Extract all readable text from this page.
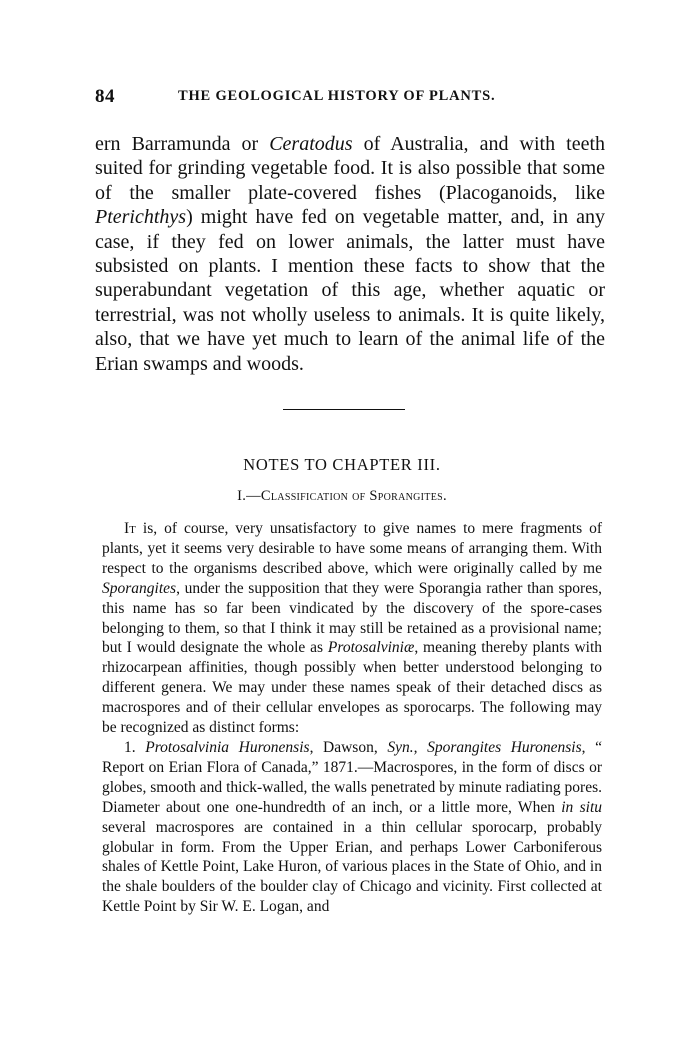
84	THE GEOLOGICAL HISTORY OF PLANTS.
ern Barramunda or Ceratodus of Australia, and with teeth suited for grinding vegetable food. It is also possible that some of the smaller plate-covered fishes (Placoganoids, like Pterichthys) might have fed on vegetable matter, and, in any case, if they fed on lower animals, the latter must have subsisted on plants. I mention these facts to show that the superabundant vegetation of this age, whether aquatic or terrestrial, was not wholly useless to animals. It is quite likely, also, that we have yet much to learn of the animal life of the Erian swamps and woods.
NOTES TO CHAPTER III.
I.—Classification of Sporangites.

It is, of course, very unsatisfactory to give names to mere fragments of plants, yet it seems very desirable to have some means of arranging them. With respect to the organisms described above, which were originally called by me Sporangites, under the supposition that they were Sporangia rather than spores, this name has so far been vindicated by the discovery of the spore-cases belonging to them, so that I think it may still be retained as a provisional name; but I would designate the whole as Protosalviniæ, meaning thereby plants with rhizocarpean affinities, though possibly when better understood belonging to different genera. We may under these names speak of their detached discs as macrospores and of their cellular envelopes as sporocarps. The following may be recognized as distinct forms:

1. Protosalvinia Huronensis, Dawson, Syn., Sporangites Huronensis, “ Report on Erian Flora of Canada,” 1871.—Macrospores, in the form of discs or globes, smooth and thick-walled, the walls penetrated by minute radiating pores. Diameter about one one-hundredth of an inch, or a little more, When in situ several macrospores are contained in a thin cellular sporocarp, probably globular in form. From the Upper Erian, and perhaps Lower Carboniferous shales of Kettle Point, Lake Huron, of various places in the State of Ohio, and in the shale boulders of the boulder clay of Chicago and vicinity. First collected at Kettle Point by Sir W. E. Logan, and
